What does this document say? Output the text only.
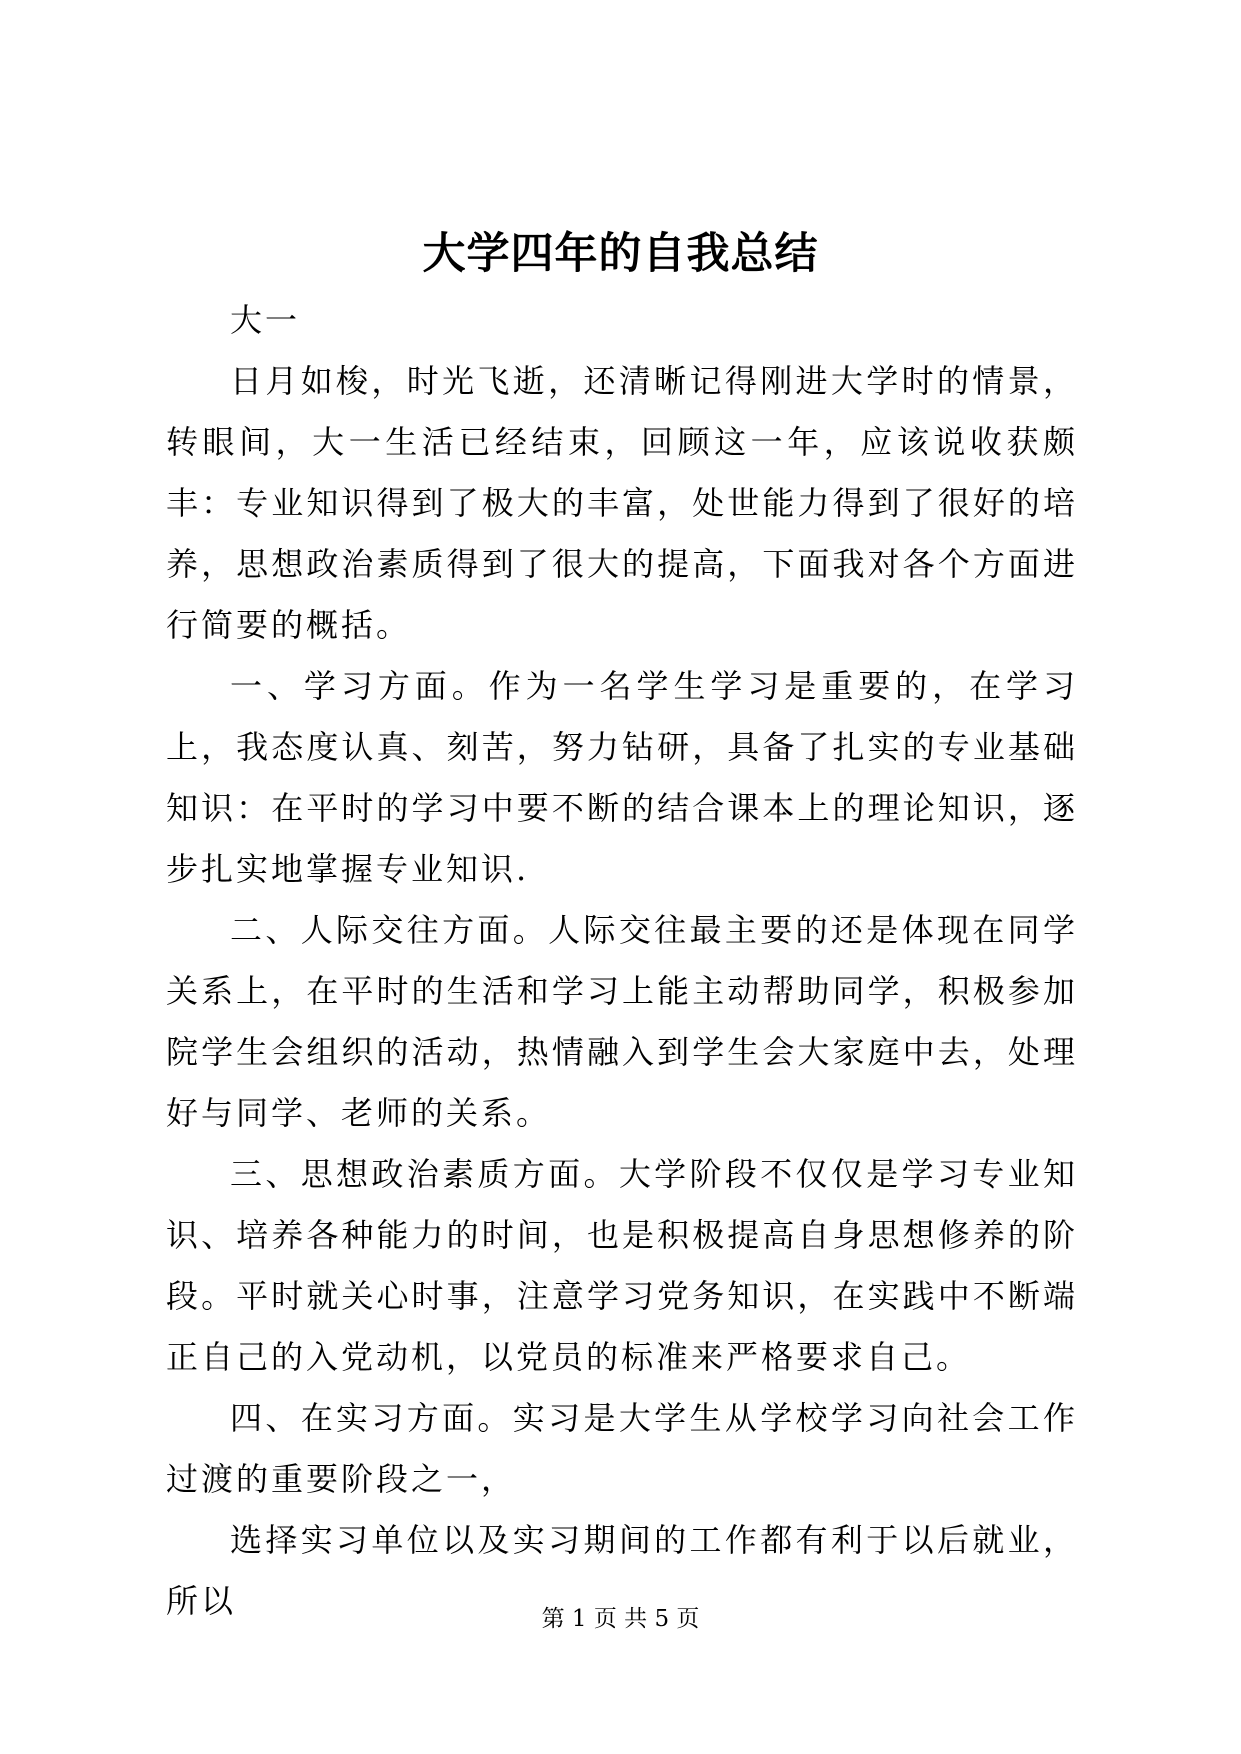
大学四年的自我总结

大一

日月如梭，时光飞逝，还清晰记得刚进大学时的情景，转眼间，大一生活已经结束，回顾这一年，应该说收获颇丰：专业知识得到了极大的丰富，处世能力得到了很好的培养，思想政治素质得到了很大的提高，下面我对各个方面进行简要的概括。

一、学习方面。作为一名学生学习是重要的，在学习上，我态度认真、刻苦，努力钻研，具备了扎实的专业基础知识：在平时的学习中要不断的结合课本上的理论知识，逐步扎实地掌握专业知识.

二、人际交往方面。人际交往最主要的还是体现在同学关系上，在平时的生活和学习上能主动帮助同学，积极参加院学生会组织的活动，热情融入到学生会大家庭中去，处理好与同学、老师的关系。

三、思想政治素质方面。大学阶段不仅仅是学习专业知识、培养各种能力的时间，也是积极提高自身思想修养的阶段。平时就关心时事，注意学习党务知识，在实践中不断端正自己的入党动机，以党员的标准来严格要求自己。

四、在实习方面。实习是大学生从学校学习向社会工作过渡的重要阶段之一，

选择实习单位以及实习期间的工作都有利于以后就业，所以	第 1 页 共 5 页
